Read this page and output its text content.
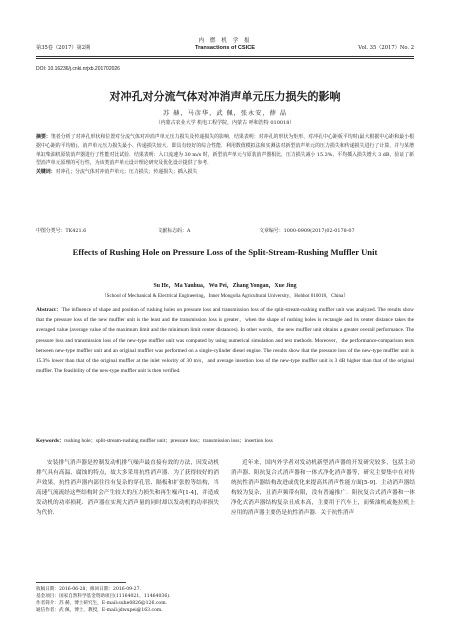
第35卷（2017）第2期
内 燃 机 学 报
Transactions of CSICE	Vol. 35（2017）No. 2
DOI: 10.16236/j.cnki.nrjxb.201702026
对冲孔对分流气体对冲消声单元压力损失的影响
苏 赫，马彦华，武 佩，张永安，薛 晶
（内蒙古农业大学 机电工程学院，内蒙古 呼和浩特 010018）
摘要：笔者分析了对冲孔形状和位置对分流气体对冲消声单元压力损失及传递损失的影响．结果表明：对冲孔的形状为矩形、对冲孔中心距板平均时(最大根据中心距和最小根据中心距的平均值)，消声单元压力损失最小、传递损失较大．即具有较好的综合性能．利用数值模拟法和实测法对新型消声单元的压力损失和传递损失进行了计算，并与某增单缸柴油机原装消声器进行了性能对比试验．结果表明：入口流速为 30 m/s 时，新型消声单元与原装消声器相比，压力损失减小 15.3%，平均插入损失增大 3 dB，验证了新型消声单元原理的可行性，为该类消声单元设计理论研究及优化设计提供了参考．
关键词：对冲孔；分流气体对冲消声单元；压力损失；传递损失；插入损失
中图分类号：TK421.6	文献标志码：A	文章编号：1000-0909(2017)02-0178-07
Effects of Rushing Hole on Pressure Loss of the Split-Stream-Rushing Muffler Unit
Su He，Ma Yanhua，Wu Pei，Zhang Yongan，Xue Jing
（School of Mechanical & Electrical Engineering，Inner Mongolia Agricultural University，Hohhot 010018，China）
Abstract：The influence of shape and position of rushing holes on pressure loss and transmission loss of the split-stream-rushing muffler unit was analyzed. The results show that the pressure loss of the new muffler unit is the least and the transmission loss is greater，when the shape of rushing holes is rectangle and its center distance takes the averaged value (average value of the maximum limit and the minimum limit center distances). In other words，the new muffler unit obtains a greater overall performance. The pressure loss and transmission loss of the new-type muffler unit was computed by using numerical simulation and test methods. Moreover，the performance-comparison tests between new-type muffler unit and an original muffler was performed on a single-cylinder diesel engine. The results show that the pressure loss of the new-type muffler unit is 15.3% lower than that of the original muffler at the inlet velocity of 30 m/s，and average insertion loss of the new-type muffler unit is 3 dB higher than that of the original muffler. The feasibility of the new-type muffler unit is then verified.
Keywords：rushing hole；split-stream-rushing muffler unit；pressure loss；transmission loss；insertion loss
安装排气消声器是控制发动机排气噪声最直接有效的方法，因发动机排气具有高温、腐蚀的特点，故大多采用抗性消声器．为了获得较好的消声效果，抗性消声器内部往往有复杂的穿孔管、隔板和扩张腔等结构，当高速气流流经这些结构时会产生较大的压力损失和再生噪声[1-4]，并造成发动机的功率损耗．消声器在实现大消声量的同时却以发动机的功率损失为代价．
近年来，国内外学者对发动机新型消声器的开发研究较多，包括主动消声器、阻抗复合式消声器和一体式净化消声器等，研究主要集中在对传统抗性消声器结构改进或优化来提高其消声性能方面[5-9]．主动消声器结构较为复杂，且消声频带有限，没有普遍推广．阻抗复合式消声器和一体净化式消声器结构复杂且成本高，主要用于汽车上，而柴油机或拖拉机上应用的消声器主要仍是抗性消声器．关于抗性消声
收稿日期：2016-06-28；修回日期：2016-09-27.
基金项目：国家自然科学基金资助项目(11164021，11464036).
作者简介：苏 赫，博士研究生，E-mail:suhe0826@126.com.
通信作者：武 佩，博士，教授，E-mail:jdwupei@163.com.
